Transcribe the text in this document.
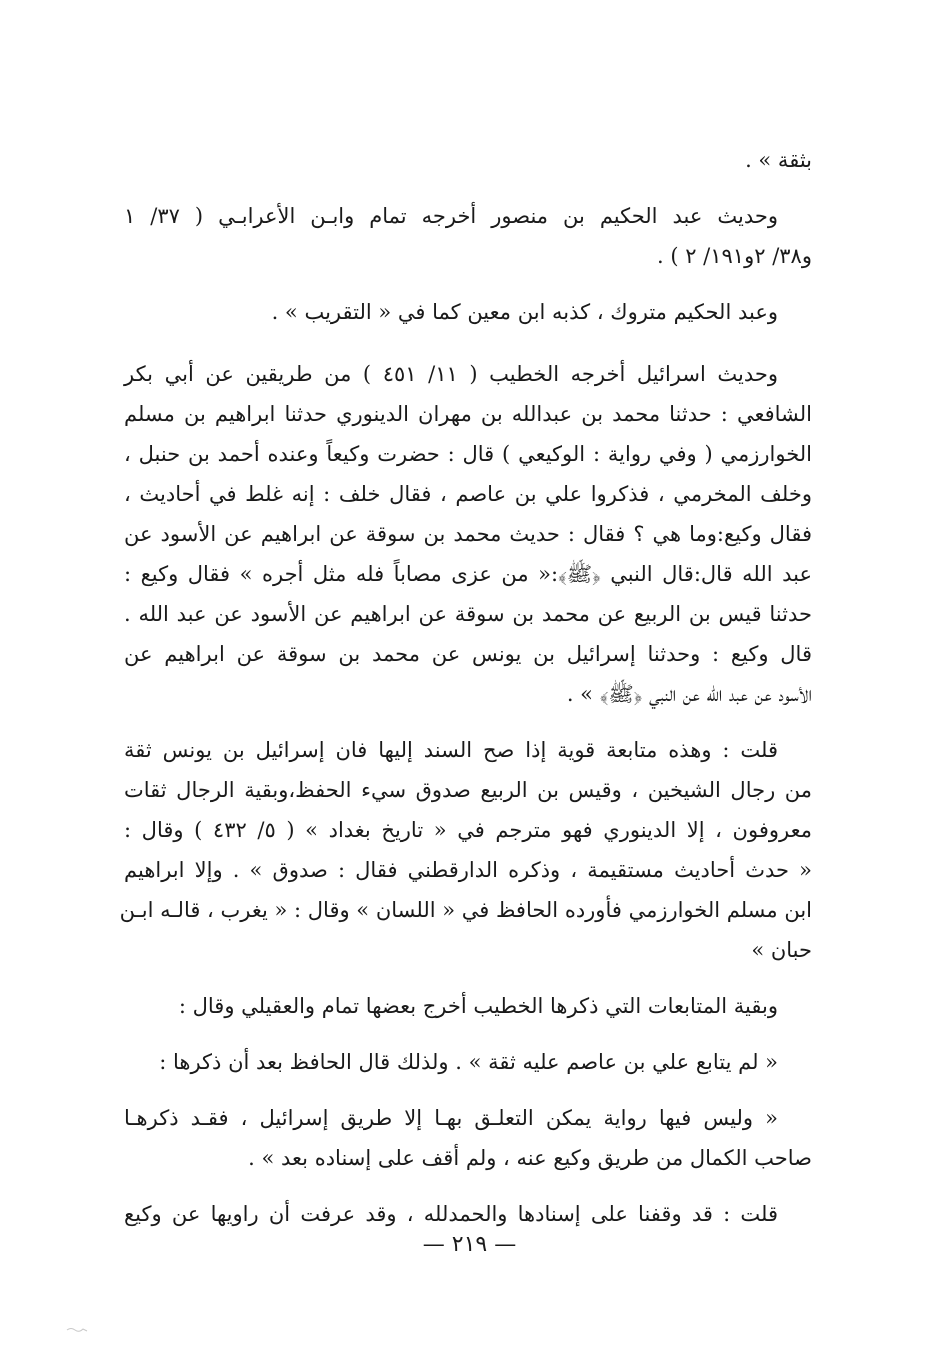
بثقة » .
وحديث عبد الحكيم بن منصور أخرجه تمام وابـن الأعرابـي ( ٣٧/ ١
و٣٨/ ٢و١٩١/ ٢ ) .
وعبد الحكيم متروك ، كذبه ابن معين كما في « التقريب » .
وحديث اسرائيل أخرجه الخطيب ( ١١/ ٤٥١ ) من طريقين عن أبي بكر
الشافعي : حدثنا محمد بن عبدالله بن مهران الدينوري حدثنا ابراهيم بن مسلم
الخوارزمي ( وفي رواية : الوكيعي ) قال : حضرت وكيعاً وعنده أحمد بن حنبل ،
وخلف المخرمي ، فذكروا علي بن عاصم ، فقال خلف : إنه غلط في أحاديث ،
فقال وكيع:وما هي ؟ فقال : حديث محمد بن سوقة عن ابراهيم عن الأسود عن
عبد الله قال:قال النبي ﴿ﷺ﴾:« من عزى مصاباً فله مثل أجره » فقال وكيع :
حدثنا قيس بن الربيع عن محمد بن سوقة عن ابراهيم عن الأسود عن عبد الله .
قال وكيع : وحدثنا إسرائيل بن يونس عن محمد بن سوقة عن ابراهيم عن
الأسود عن عبد الله عن النبي ﴿ﷺ﴾ » .
قلت : وهذه متابعة قوية إذا صح السند إليها فان إسرائيل بن يونس ثقة
من رجال الشيخين ، وقيس بن الربيع صدوق سيء الحفظ،وبقية الرجال ثقات
معروفون ، إلا الدينوري فهو مترجم في « تاريخ بغداد » ( ٥/ ٤٣٢ ) وقال :
« حدث أحاديث مستقيمة ، وذكره الدارقطني فقال : صدوق » . وإلا ابراهيم
ابن مسلم الخوارزمي فأورده الحافظ في « اللسان » وقال : « يغرب ، قالـه ابـن
حبان »
وبقية المتابعات التي ذكرها الخطيب أخرج بعضها تمام والعقيلي وقال :
« لم يتابع علي بن عاصم عليه ثقة » . ولذلك قال الحافظ بعد أن ذكرها :
« وليس فيها رواية يمكن التعلـق بهـا إلا طريق إسرائيل ، فقـد ذكرهـا
صاحب الكمال من طريق وكيع عنه ، ولم أقف على إسناده بعد » .
قلت : قد وقفنا على إسنادها والحمدلله ، وقد عرفت أن راويها عن وكيع
— ٢١٩ —
